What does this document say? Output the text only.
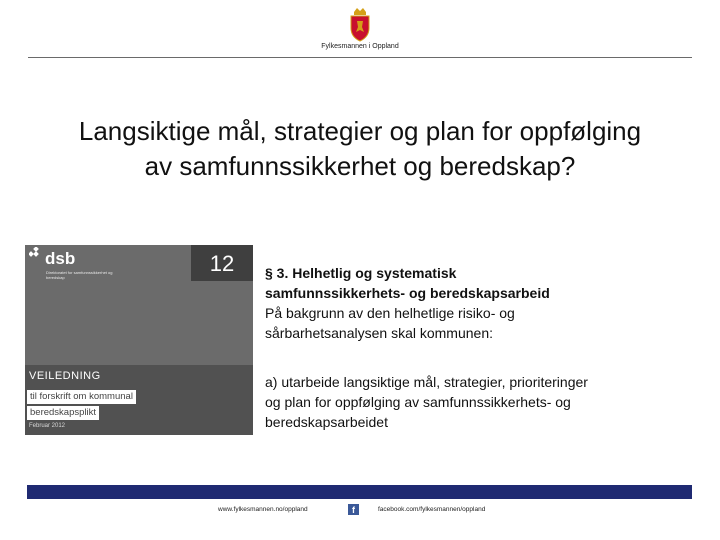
Fylkesmannen i Oppland
Langsiktige mål, strategier og plan for oppfølging
av samfunnssikkerhet og beredskap?
dsb
Direktoratet for samfunnssikkerhet og beredskap
12
VEILEDNING
til forskrift om kommunal
beredskapsplikt
Februar 2012
§ 3. Helhetlig og systematisk
samfunnssikkerhets- og beredskapsarbeid
På bakgrunn av den helhetlige risiko- og
sårbarhetsanalysen skal kommunen:
a) utarbeide langsiktige mål, strategier, prioriteringer
og plan for oppfølging av samfunnssikkerhets- og
beredskapsarbeidet
www.fylkesmannen.no/oppland	f	facebook.com/fylkesmannen/oppland
